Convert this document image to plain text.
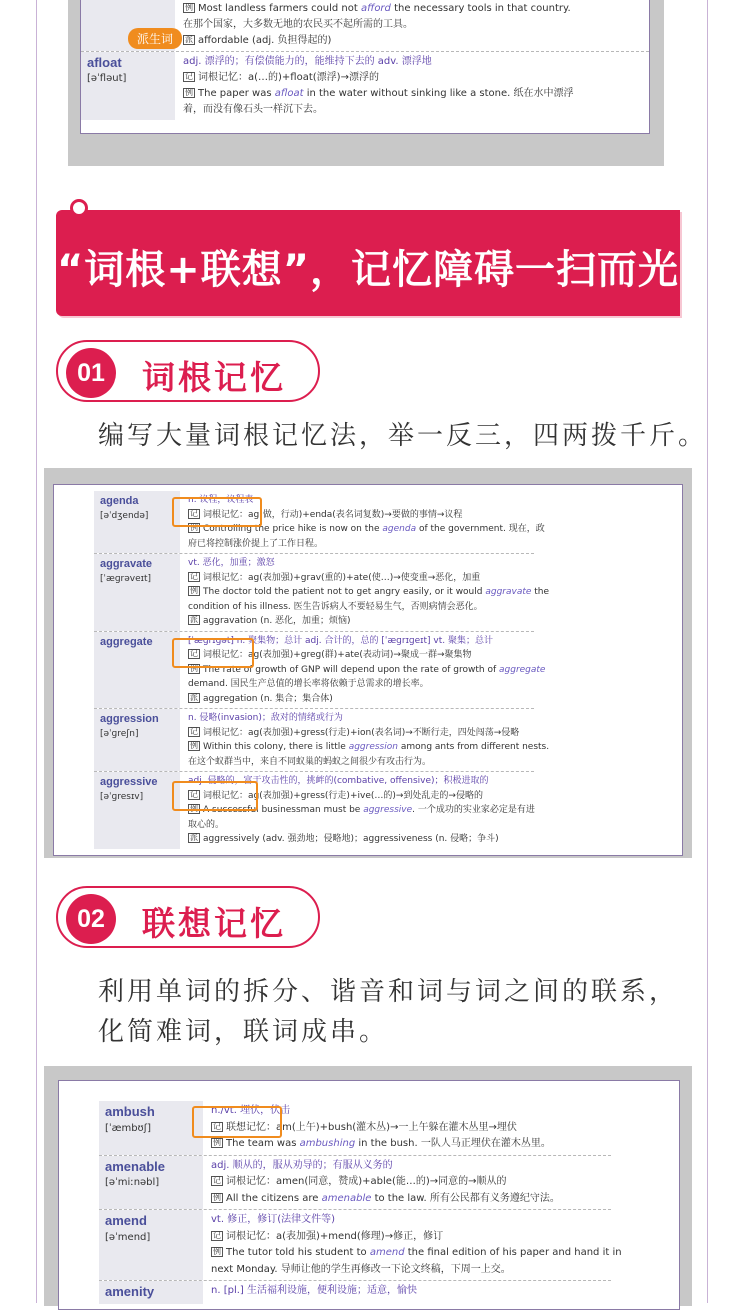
例 Most landless farmers could not afford the necessary tools in that country.
在那个国家，大多数无地的农民买不起所需的工具。
派 affordable (adj. 负担得起的)
afloat
[əˈfləut]
adj. 漂浮的；有偿债能力的，能维持下去的 adv. 漂浮地
记 词根记忆：a(…的)+float(漂浮)→漂浮的
例 The paper was afloat in the water without sinking like a stone. 纸在水中漂浮
着，而没有像石头一样沉下去。
派生词
“词根+联想”，记忆障碍一扫而光
01	词根记忆
编写大量词根记忆法，举一反三，四两拨千斤。
agenda
[əˈdʒendə]
n. 议程，议程表
记 词根记忆：ag(做，行动)+enda(表名词复数)→要做的事情→议程
例 Controlling the price hike is now on the agenda of the government. 现在，政
府已将控制涨价提上了工作日程。
aggravate
[ˈæɡrəveɪt]
vt. 恶化，加重；激怒
记 词根记忆：ag(表加强)+grav(重的)+ate(使…)→使变重→恶化，加重
例 The doctor told the patient not to get angry easily, or it would aggravate the
condition of his illness. 医生告诉病人不要轻易生气，否则病情会恶化。
派 aggravation (n. 恶化，加重；烦恼)
aggregate	[ˈæɡrɪɡət] n. 聚集物；总计 adj. 合计的，总的 [ˈæɡrɪɡeɪt] vt. 聚集；总计
记 词根记忆：ag(表加强)+greg(群)+ate(表动词)→聚成一群→聚集物
例 The rate of growth of GNP will depend upon the rate of growth of aggregate
demand. 国民生产总值的增长率将依赖于总需求的增长率。
派 aggregation (n. 集合；集合体)
aggression
[əˈɡreʃn]
n. 侵略(invasion)；敌对的情绪或行为
记 词根记忆：ag(表加强)+gress(行走)+ion(表名词)→不断行走，四处闯荡→侵略
例 Within this colony, there is little aggression among ants from different nests.
在这个蚁群当中，来自不同蚁巢的蚂蚁之间很少有攻击行为。
aggressive
[əˈɡresɪv]
adj. 侵略的，富于攻击性的，挑衅的(combative, offensive)；积极进取的
记 词根记忆：ag(表加强)+gress(行走)+ive(…的)→到处乱走的→侵略的
例 A successful businessman must be aggressive. 一个成功的实业家必定是有进
取心的。
派 aggressively (adv. 强劲地；侵略地)；aggressiveness (n. 侵略；争斗)
02	联想记忆
利用单词的拆分、谐音和词与词之间的联系，
化简难词，联词成串。
ambush
[ˈæmbʊʃ]
n./vt. 埋伏，伏击
记 联想记忆：am(上午)+bush(灌木丛)→一上午躲在灌木丛里→埋伏
例 The team was ambushing in the bush. 一队人马正埋伏在灌木丛里。
amenable
[əˈmiːnəbl]
adj. 顺从的，服从劝导的；有服从义务的
记 词根记忆：amen(同意，赞成)+able(能…的)→同意的→顺从的
例 All the citizens are amenable to the law. 所有公民都有义务遵纪守法。
amend
[əˈmend]
vt. 修正，修订(法律文件等)
记 词根记忆：a(表加强)+mend(修理)→修正，修订
例 The tutor told his student to amend the final edition of his paper and hand it in
next Monday. 导师让他的学生再修改一下论文终稿，下周一上交。
amenity	n. [pl.] 生活福利设施，便利设施；适意，愉快
